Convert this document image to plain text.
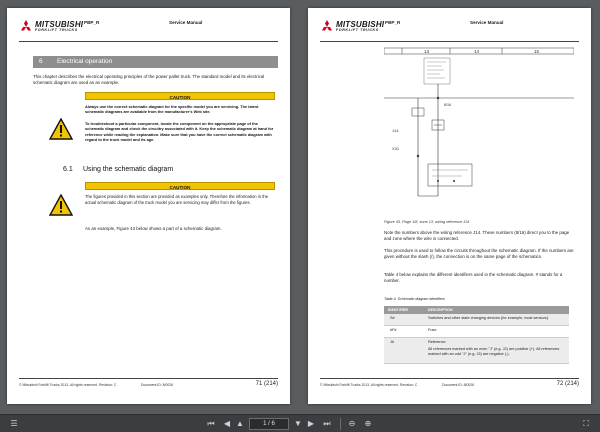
MITSUBISHI
FORKLIFT TRUCKS
PBP_R	Service Manual
6 Electrical operation
This chapter describes the electrical operating principles of the power pallet truck. The standard model and its electrical schematic diagram are used as an example.
CAUTION
Always use the correct schematic diagram for the specific model you are servicing. The latest schematic diagrams are available from the manufacturer's Web site.
To troubleshoot a particular component, locate the component on the appropriate page of the schematic diagram and check the circuitry associated with it. Keep the schematic diagram at hand for reference while reading the explanation. Make sure that you have the correct schematic diagram with regard to the truck model and its age.
6.1 Using the schematic diagram
CAUTION
The figures provided in this section are provided as examples only. Therefore the information in the actual schematic diagram of the truck model you are servicing may differ from the figures.
As an example, Figure 43 below shows a part of a schematic diagram.
© Mitsubishi Forklift Trucks 2013. All rights reserved. Revision: C	Document ID: 8/0026	71 (214)
MITSUBISHI
FORKLIFT TRUCKS
PBP_R	Service Manual
13	14	15
J14
X31
8/16
Figure 43. Page 1/8, zone 13, wiring reference J14
Note the numbers above the wiring reference J14. These numbers (8/16) direct you to the page and zone where the wire is connected.
This procedure is used to follow the circuits throughout the schematic diagram. If the numbers are given without the slash (/), the connection is on the same page of the schematics.
Table 4 below explains the different identifiers used in the schematic diagram. # stands for a number.
Table 4. Schematic diagram identifiers
IDENTIFIER	DESCRIPTION
S#	Switches and other state changing devices (for example, most sensors).
#F#	Fuse
J#	Reference.
All references marked with an even "J" (e.g. J2) are positive (+). All references marked with an odd "J" (e.g. J3) are negative (-).
© Mitsubishi Forklift Trucks 2013. All rights reserved. Revision: C	Document ID: 8/0026	72 (214)
☰	⏮	◀ ▲	1 / 6	▼ ▶	⏭	⊖	⊕	⛶
